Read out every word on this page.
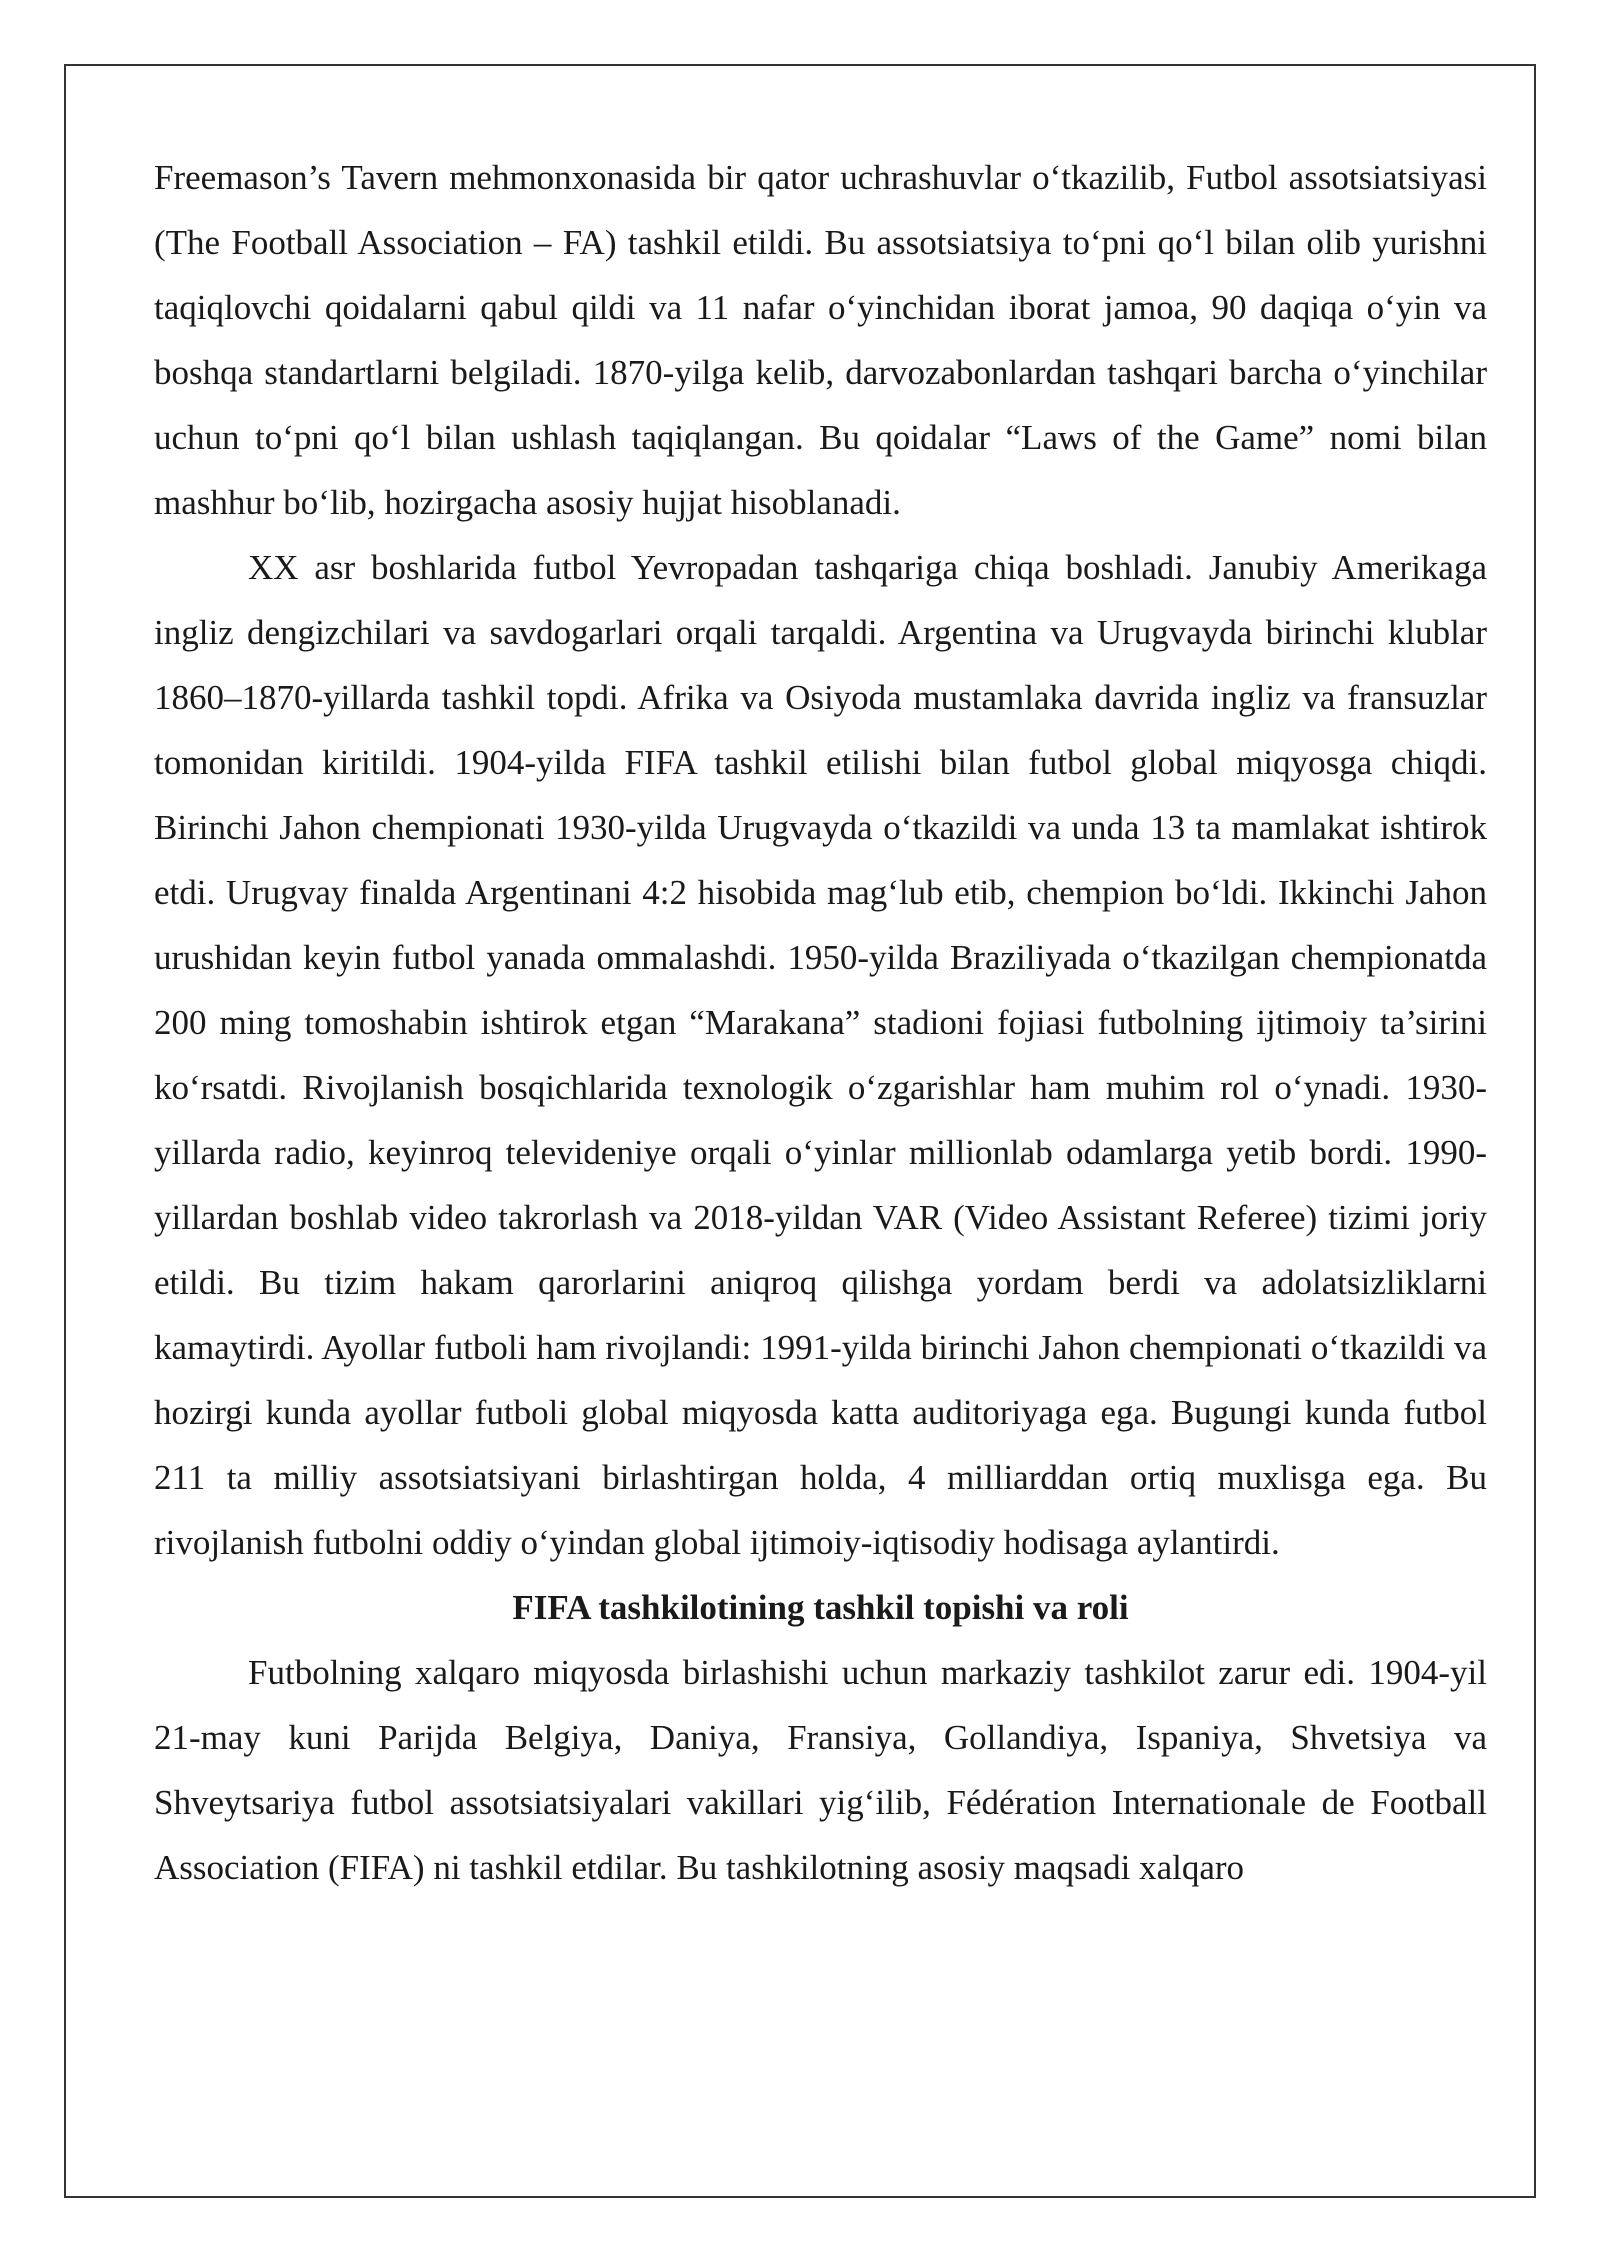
Freemason’s Tavern mehmonxonasida bir qator uchrashuvlar oʻtkazilib, Futbol assotsiatsiyasi (The Football Association – FA) tashkil etildi. Bu assotsiatsiya toʻpni qoʻl bilan olib yurishni taqiqlovchi qoidalarni qabul qildi va 11 nafar oʻyinchidan iborat jamoa, 90 daqiqa oʻyin va boshqa standartlarni belgiladi. 1870-yilga kelib, darvozabonlardan tashqari barcha oʻyinchilar uchun toʻpni qoʻl bilan ushlash taqiqlangan. Bu qoidalar “Laws of the Game” nomi bilan mashhur boʻlib, hozirgacha asosiy hujjat hisoblanadi.

XX asr boshlarida futbol Yevropadan tashqariga chiqa boshladi. Janubiy Amerikaga ingliz dengizchilari va savdogarlari orqali tarqaldi. Argentina va Urugvayda birinchi klublar 1860–1870-yillarda tashkil topdi. Afrika va Osiyoda mustamlaka davrida ingliz va fransuzlar tomonidan kiritildi. 1904-yilda FIFA tashkil etilishi bilan futbol global miqyosga chiqdi. Birinchi Jahon chempionati 1930-yilda Urugvayda oʻtkazildi va unda 13 ta mamlakat ishtirok etdi. Urugvay finalda Argentinani 4:2 hisobida magʻlub etib, chempion boʻldi. Ikkinchi Jahon urushidan keyin futbol yanada ommalashdi. 1950-yilda Braziliyada oʻtkazilgan chempionatda 200 ming tomoshabin ishtirok etgan “Marakana” stadioni fojiasi futbolning ijtimoiy ta’sirini koʻrsatdi. Rivojlanish bosqichlarida texnologik oʻzgarishlar ham muhim rol oʻynadi. 1930-yillarda radio, keyinroq televideniye orqali oʻyinlar millionlab odamlarga yetib bordi. 1990-yillardan boshlab video takrorlash va 2018-yildan VAR (Video Assistant Referee) tizimi joriy etildi. Bu tizim hakam qarorlarini aniqroq qilishga yordam berdi va adolatsizliklarni kamaytirdi. Ayollar futboli ham rivojlandi: 1991-yilda birinchi Jahon chempionati oʻtkazildi va hozirgi kunda ayollar futboli global miqyosda katta auditoriyaga ega. Bugungi kunda futbol 211 ta milliy assotsiatsiyani birlashtirgan holda, 4 milliarddan ortiq muxlisga ega. Bu rivojlanish futbolni oddiy oʻyindan global ijtimoiy-iqtisodiy hodisaga aylantirdi.

FIFA tashkilotining tashkil topishi va roli

Futbolning xalqaro miqyosda birlashishi uchun markaziy tashkilot zarur edi. 1904-yil 21-may kuni Parijda Belgiya, Daniya, Fransiya, Gollandiya, Ispaniya, Shvetsiya va Shveytsariya futbol assotsiatsiyalari vakillari yigʻilib, Fédération Internationale de Football Association (FIFA) ni tashkil etdilar. Bu tashkilotning asosiy maqsadi xalqaro
